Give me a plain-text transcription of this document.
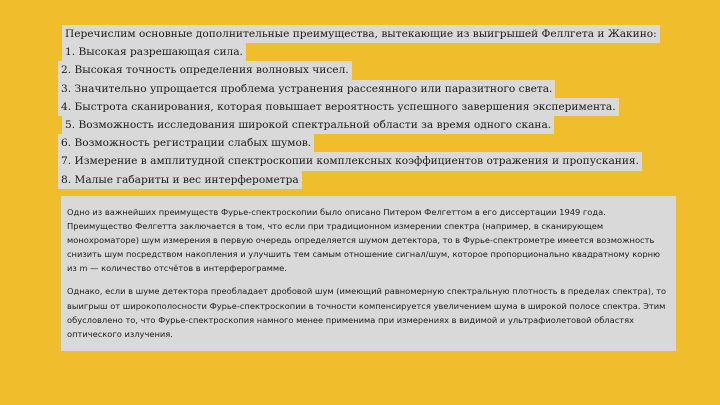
Перечислим основные дополнительные преимущества, вытекающие из выигрышей Феллгета и Жакино:
1. Высокая разрешающая сила.
2. Высокая точность определения волновых чисел.
3. Значительно упрощается проблема устранения рассеянного или паразитного света.
4. Быстрота сканирования, которая повышает вероятность успешного завершения эксперимента.
5. Возможность исследования широкой спектральной области за время одного скана.
6. Возможность регистрации слабых шумов.
7. Измерение в амплитудной спектроскопии комплексных коэффициентов отражения и пропускания.
8. Малые габариты и вес интерферометра

Одно из важнейших преимуществ Фурье-спектроскопии было описано Питером Фелгеттом в его диссертации 1949 года. Преимущество Фелгетта заключается в том, что если при традиционном измерении спектра (например, в сканирующем монохроматоре) шум измерения в первую очередь определяется шумом детектора, то в Фурье-спектрометре имеется возможность снизить шум посредством накопления и улучшить тем самым отношение сигнал/шум, которое пропорционально квадратному корню из m — количество отсчётов в интерферограмме.

Однако, если в шуме детектора преобладает дробовой шум (имеющий равномерную спектральную плотность в пределах спектра), то выигрыш от широкополосности Фурье-спектроскопии в точности компенсируется увеличением шума в широкой полосе спектра. Этим обусловлено то, что Фурье-спектроскопия намного менее применима при измерениях в видимой и ультрафиолетовой областях оптического излучения.
